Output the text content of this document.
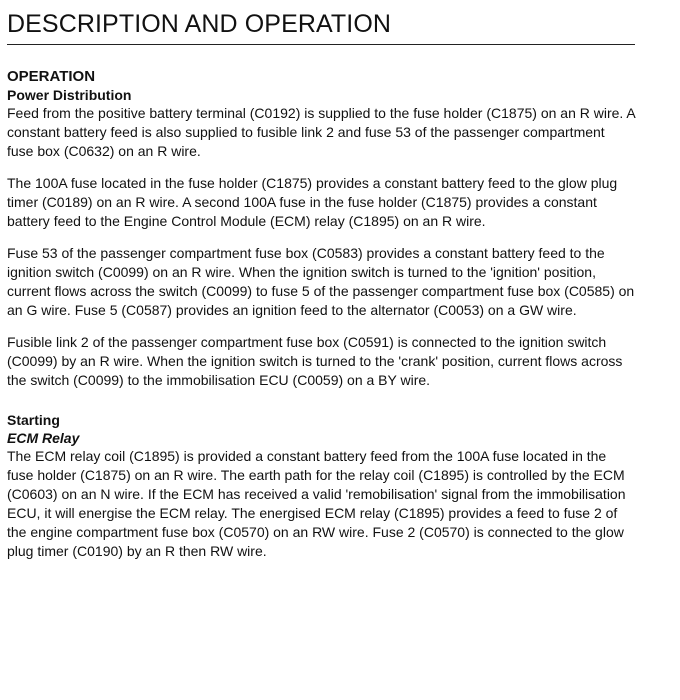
DESCRIPTION AND OPERATION
OPERATION
Power Distribution

Feed from the positive battery terminal (C0192) is supplied to the fuse holder (C1875) on an R wire. A constant battery feed is also supplied to fusible link 2 and fuse 53 of the passenger compartment fuse box (C0632) on an R wire.

The 100A fuse located in the fuse holder (C1875) provides a constant battery feed to the glow plug timer (C0189) on an R wire. A second 100A fuse in the fuse holder (C1875) provides a constant battery feed to the Engine Control Module (ECM) relay (C1895) on an R wire.

Fuse 53 of the passenger compartment fuse box (C0583) provides a constant battery feed to the ignition switch (C0099) on an R wire. When the ignition switch is turned to the 'ignition' position, current flows across the switch (C0099) to fuse 5 of the passenger compartment fuse box (C0585) on an G wire. Fuse 5 (C0587) provides an ignition feed to the alternator (C0053) on a GW wire.

Fusible link 2 of the passenger compartment fuse box (C0591) is connected to the ignition switch (C0099) by an R wire. When the ignition switch is turned to the 'crank' position, current flows across the switch (C0099) to the immobilisation ECU (C0059) on a BY wire.

Starting
ECM Relay

The ECM relay coil (C1895) is provided a constant battery feed from the 100A fuse located in the fuse holder (C1875) on an R wire. The earth path for the relay coil (C1895) is controlled by the ECM (C0603) on an N wire. If the ECM has received a valid 'remobilisation' signal from the immobilisation ECU, it will energise the ECM relay. The energised ECM relay (C1895) provides a feed to fuse 2 of the engine compartment fuse box (C0570) on an RW wire. Fuse 2 (C0570) is connected to the glow plug timer (C0190) by an R then RW wire.
